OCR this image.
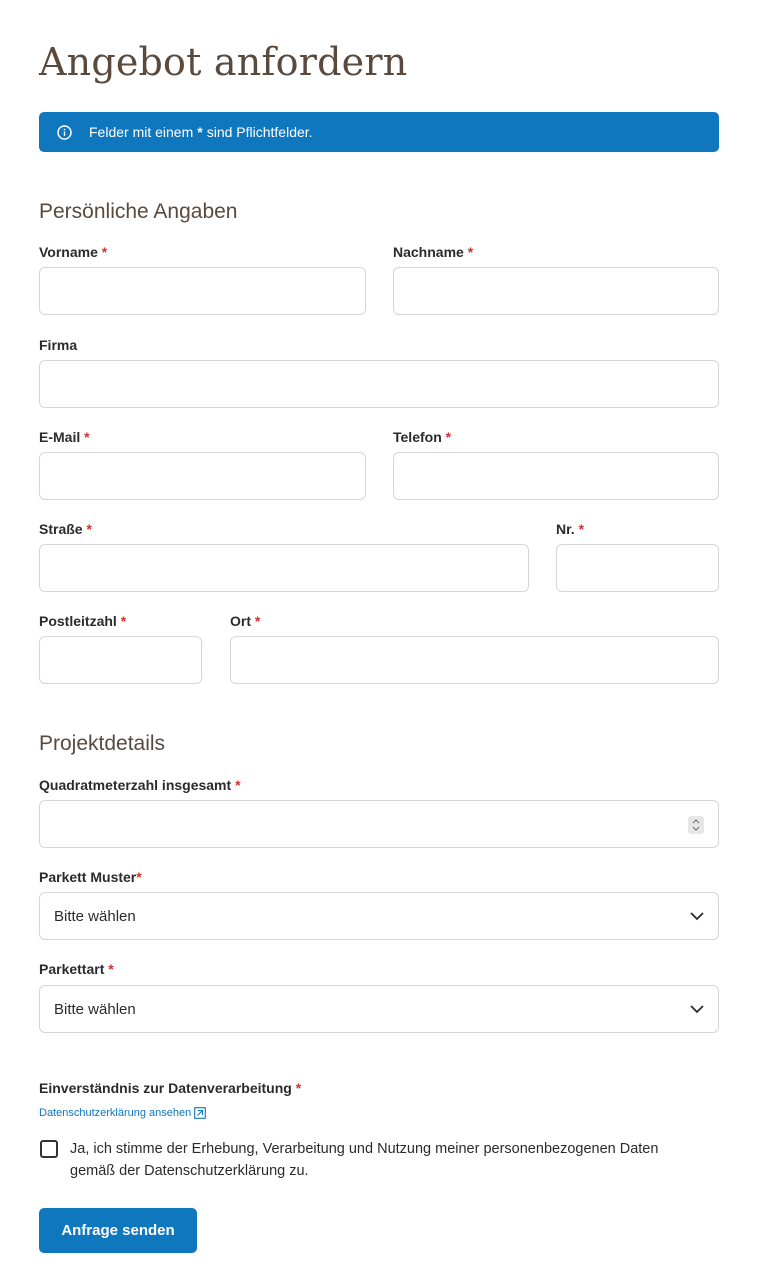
Angebot anfordern
Felder mit einem * sind Pflichtfelder.
Persönliche Angaben
Vorname *	Nachname *
Firma
E-Mail *	Telefon *
Straße *	Nr. *
Postleitzahl *	Ort *
Projektdetails
Quadratmeterzahl insgesamt *
Parkett Muster*
Bitte wählen
Parkettart *
Bitte wählen
Einverständnis zur Datenverarbeitung *
Datenschutzerklärung ansehen
Ja, ich stimme der Erhebung, Verarbeitung und Nutzung meiner personenbezogenen Daten
gemäß der Datenschutzerklärung zu.
Anfrage senden
